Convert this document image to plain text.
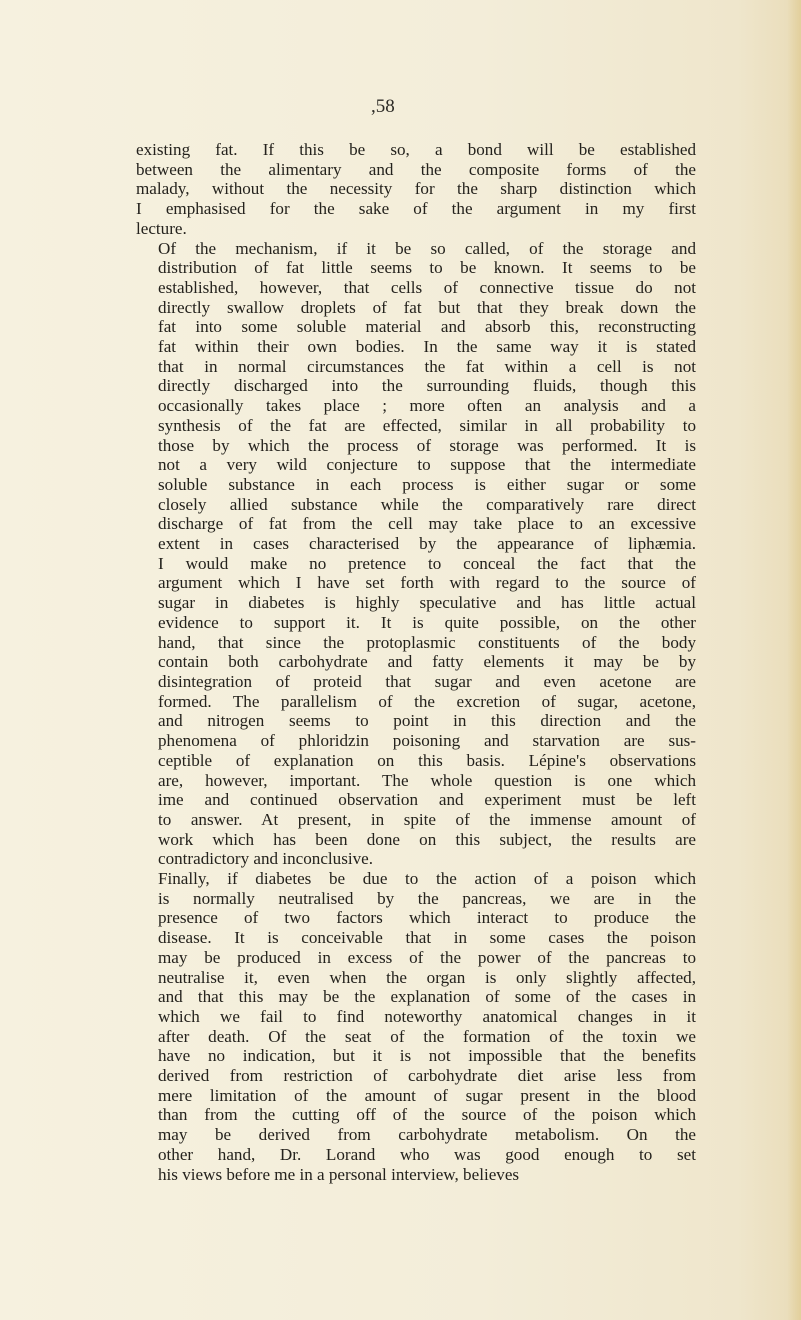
,58

existing fat. If this be so, a bond will be established
between the alimentary and the composite forms of the
malady, without the necessity for the sharp distinction which
I emphasised for the sake of the argument in my first
lecture.

Of the mechanism, if it be so called, of the storage and
distribution of fat little seems to be known. It seems to be
established, however, that cells of connective tissue do not
directly swallow droplets of fat but that they break down the
fat into some soluble material and absorb this, reconstructing
fat within their own bodies. In the same way it is stated
that in normal circumstances the fat within a cell is not
directly discharged into the surrounding fluids, though this
occasionally takes place ; more often an analysis and a
synthesis of the fat are effected, similar in all probability to
those by which the process of storage was performed. It is
not a very wild conjecture to suppose that the intermediate
soluble substance in each process is either sugar or some
closely allied substance while the comparatively rare direct
discharge of fat from the cell may take place to an excessive
extent in cases characterised by the appearance of liphæmia.
I would make no pretence to conceal the fact that the
argument which I have set forth with regard to the source of
sugar in diabetes is highly speculative and has little actual
evidence to support it. It is quite possible, on the other
hand, that since the protoplasmic constituents of the body
contain both carbohydrate and fatty elements it may be by
disintegration of proteid that sugar and even acetone are
formed. The parallelism of the excretion of sugar, acetone,
and nitrogen seems to point in this direction and the
phenomena of phloridzin poisoning and starvation are sus-
ceptible of explanation on this basis. Lépine's observations
are, however, important. The whole question is one which
ime and continued observation and experiment must be left
to answer. At present, in spite of the immense amount of
work which has been done on this subject, the results are
contradictory and inconclusive.

Finally, if diabetes be due to the action of a poison which
is normally neutralised by the pancreas, we are in the
presence of two factors which interact to produce the
disease. It is conceivable that in some cases the poison
may be produced in excess of the power of the pancreas to
neutralise it, even when the organ is only slightly affected,
and that this may be the explanation of some of the cases in
which we fail to find noteworthy anatomical changes in it
after death. Of the seat of the formation of the toxin we
have no indication, but it is not impossible that the benefits
derived from restriction of carbohydrate diet arise less from
mere limitation of the amount of sugar present in the blood
than from the cutting off of the source of the poison which
may be derived from carbohydrate metabolism. On the
other hand, Dr. Lorand who was good enough to set
his views before me in a personal interview, believes
